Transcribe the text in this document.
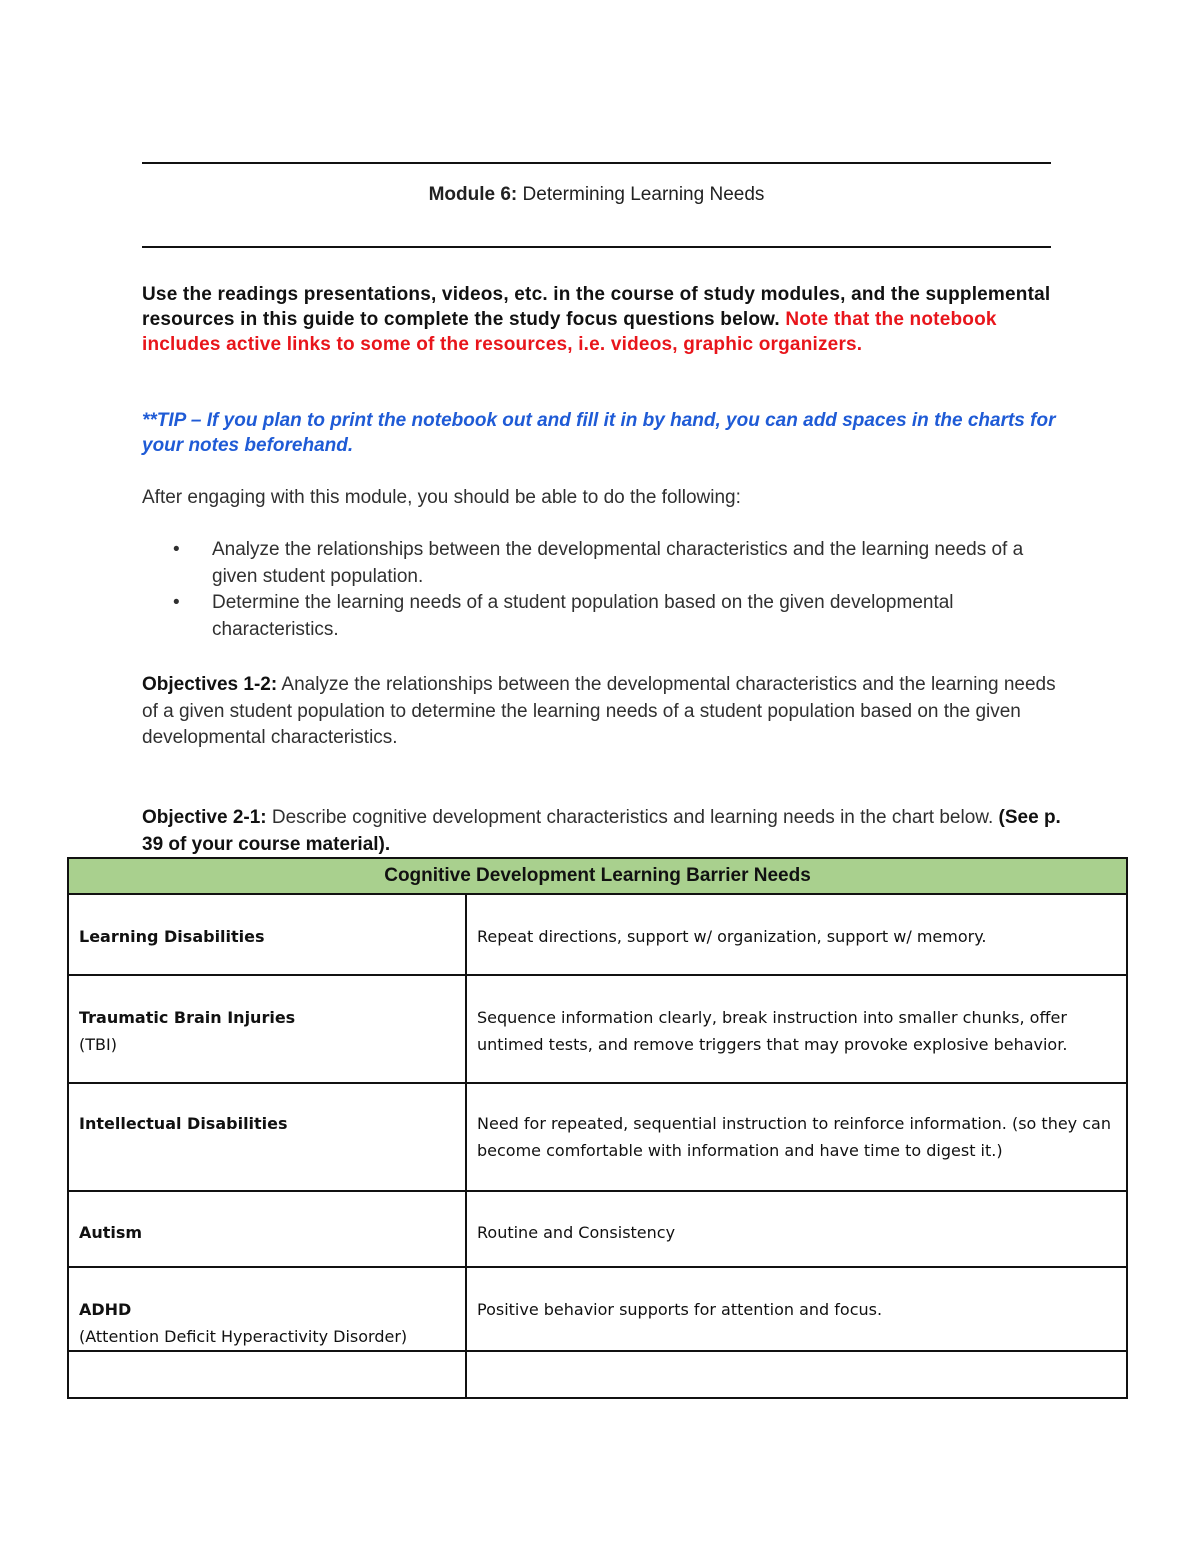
Module 6: Determining Learning Needs
Use the readings presentations, videos, etc. in the course of study modules, and the supplemental resources in this guide to complete the study focus questions below. Note that the notebook includes active links to some of the resources, i.e. videos, graphic organizers.
**TIP – If you plan to print the notebook out and fill it in by hand, you can add spaces in the charts for your notes beforehand.
After engaging with this module, you should be able to do the following:
• Analyze the relationships between the developmental characteristics and the learning needs of a given student population.
• Determine the learning needs of a student population based on the given developmental characteristics.
Objectives 1-2: Analyze the relationships between the developmental characteristics and the learning needs of a given student population to determine the learning needs of a student population based on the given developmental characteristics.
Objective 2-1: Describe cognitive development characteristics and learning needs in the chart below. (See p. 39 of your course material).
Cognitive Development Learning Barrier Needs	

Learning Disabilities	Repeat directions, support w/ organization, support w/ memory.

Traumatic Brain Injuries
(TBI)	Sequence information clearly, break instruction into smaller chunks, offer untimed tests, and remove triggers that may provoke explosive behavior.

Intellectual Disabilities	Need for repeated, sequential instruction to reinforce information. (so they can become comfortable with information and have time to digest it.)

Autism	Routine and Consistency

ADHD
(Attention Deficit Hyperactivity Disorder)	Positive behavior supports for attention and focus.
